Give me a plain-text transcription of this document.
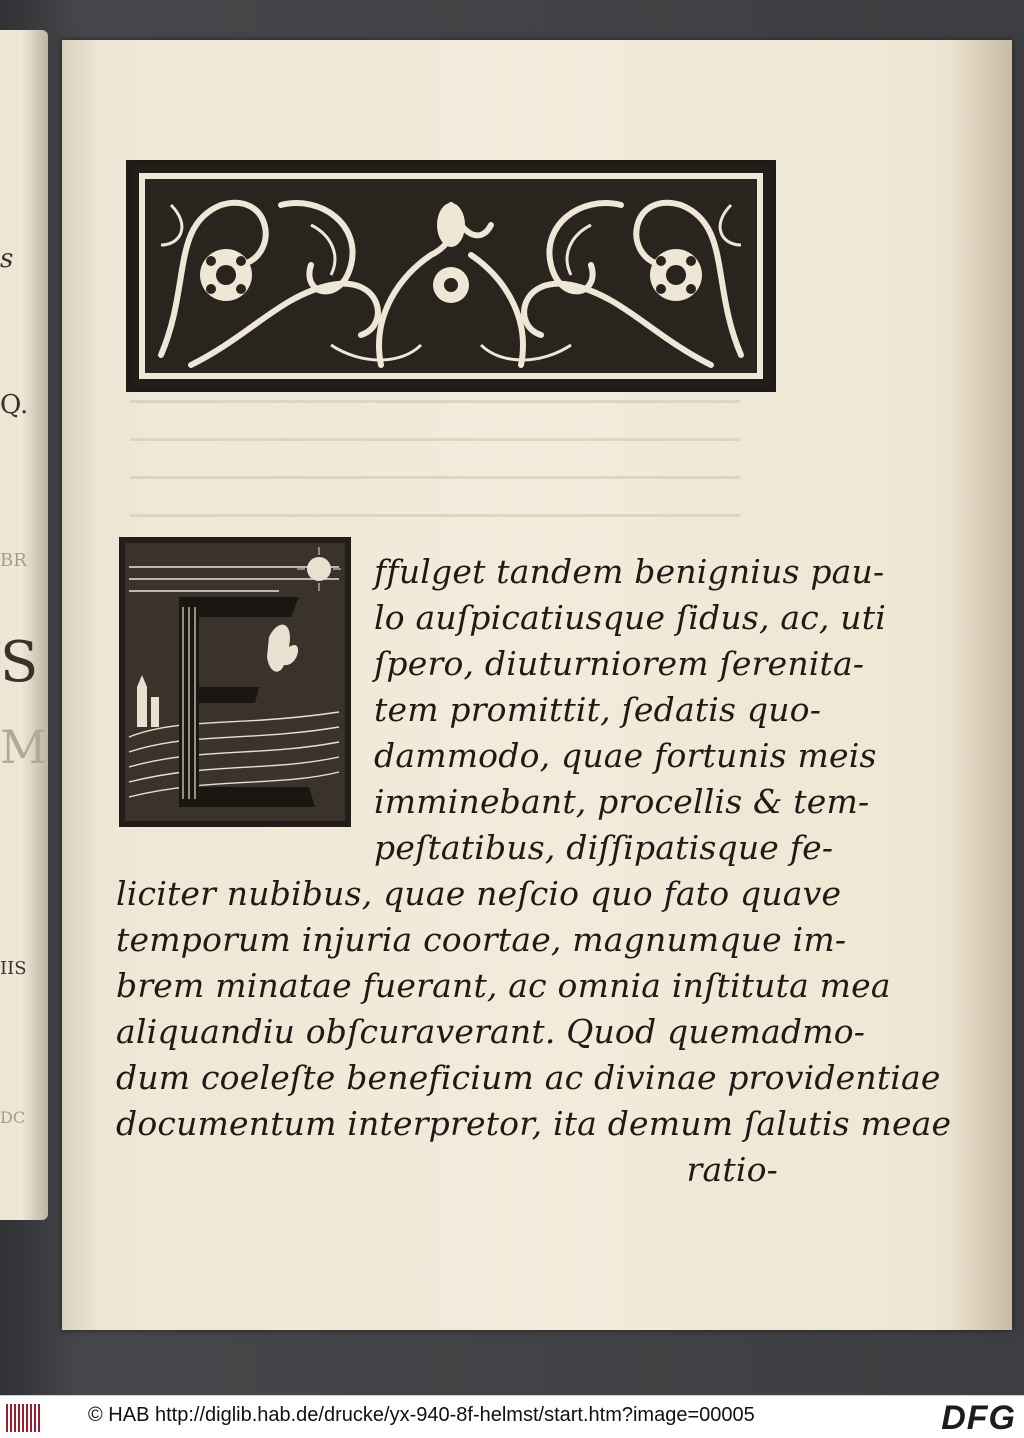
s
Q.
BR
S
M
IIS
DC
ffulget tandem benignius pau-
lo auſpicatiusque ſidus, ac, uti
ſpero, diuturniorem ſerenita-
tem promittit, ſedatis quo-
dammodo, quae fortunis meis
imminebant, procellis & tem-
peſtatibus, diſſipatisque fe-
liciter nubibus, quae neſcio quo fato quave
temporum injuria coortae, magnumque im-
brem minatae fuerant, ac omnia inſtituta mea
aliquandiu obſcuraverant. Quod quemadmo-
dum coeleſte beneficium ac divinae providentiae
documentum interpretor, ita demum ſalutis meae
ratio-
© HAB http://diglib.hab.de/drucke/yx-940-8f-helmst/start.htm?image=00005	DFG
